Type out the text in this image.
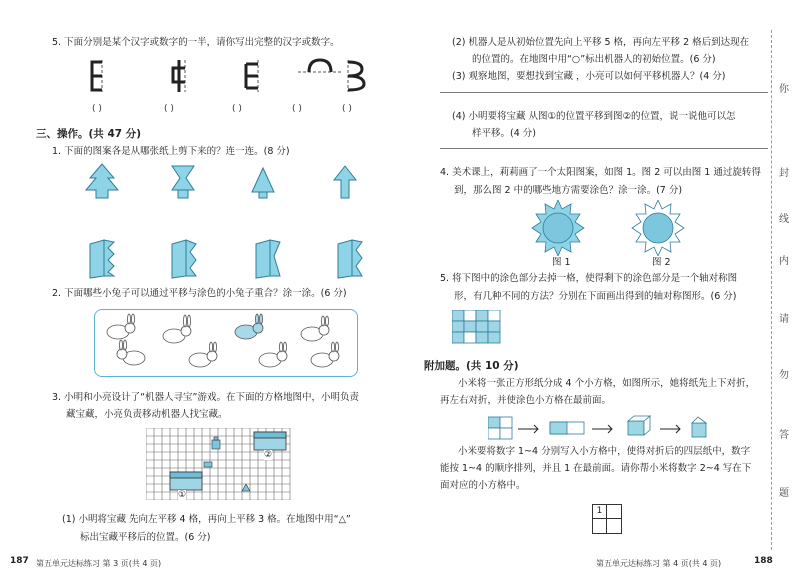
5. 下面分别是某个汉字或数字的一半，请你写出完整的汉字或数字。
( )	( )	( )	( )	( )
三、操作。(共 47 分)
1. 下面的图案各是从哪张纸上剪下来的？连一连。(8 分)
2. 下面哪些小兔子可以通过平移与涂色的小兔子重合？涂一涂。(6 分)
3. 小明和小亮设计了“机器人寻宝”游戏。在下面的方格地图中，小明负责
藏宝藏，小亮负责移动机器人找宝藏。
②
①
(1) 小明将宝藏 先向左平移 4 格，再向上平移 3 格。在地图中用“△”
标出宝藏平移后的位置。(6 分)
187 第五单元达标练习 第 3 页(共 4 页)
(2) 机器人是从初始位置先向上平移 5 格，再向左平移 2 格后到达现在
的位置的。在地图中用“○”标出机器人的初始位置。(6 分)
(3) 观察地图，要想找到宝藏 ，小亮可以如何平移机器人？(4 分)
(4) 小明要将宝藏 从图①的位置平移到图②的位置，说一说他可以怎
样平移。(4 分)
4. 美术课上，莉莉画了一个太阳图案，如图 1。图 2 可以由图 1 通过旋转得
到，那么图 2 中的哪些地方需要涂色？涂一涂。(7 分)
图 1	图 2
5. 将下图中的涂色部分去掉一格，使得剩下的涂色部分是一个轴对称图
形，有几种不同的方法？分别在下面画出得到的轴对称图形。(6 分)
附加题。(共 10 分)
小米将一张正方形纸分成 4 个小方格，如图所示，她将纸先上下对折，
再左右对折，并使涂色小方格在最前面。
小米要将数字 1~4 分别写入小方格中，使得对折后的四层纸中，数字
能按 1~4 的顺序排列，并且 1 在最前面。请你帮小米将数字 2~4 写在下
面对应的小方格中。
1
第五单元达标练习 第 4 页(共 4 页)	188
你
封
线
内
请
勿
答
题
